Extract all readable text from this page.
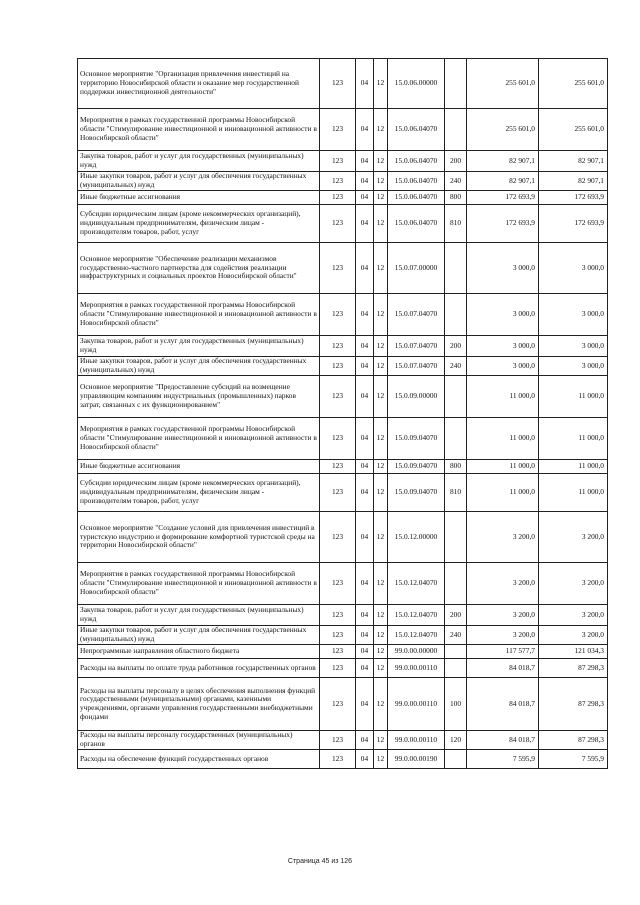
Основное мероприятие "Организация привлечения инвестиций на территорию Новосибирской области и оказание мер государственной поддержки инвестиционной деятельности"	123	04	12	15.0.06.00000		255 601,0	255 601,0
Мероприятия в рамках государственной программы Новосибирской области "Стимулирование инвестиционной и инновационной активности в Новосибирской области"	123	04	12	15.0.06.04070		255 601,0	255 601,0
Закупка товаров, работ и услуг для государственных (муниципальных) нужд	123	04	12	15.0.06.04070	200	82 907,1	82 907,1
Иные закупки товаров, работ и услуг для обеспечения государственных (муниципальных) нужд	123	04	12	15.0.06.04070	240	82 907,1	82 907,1
Иные бюджетные ассигнования	123	04	12	15.0.06.04070	800	172 693,9	172 693,9
Субсидии юридическим лицам (кроме некоммерческих организаций), индивидуальным предпринимателям, физическим лицам - производителям товаров, работ, услуг	123	04	12	15.0.06.04070	810	172 693,9	172 693,9
Основное мероприятие "Обеспечение реализации механизмов государственно-частного партнерства для содействия реализации инфраструктурных и социальных проектов Новосибирской области"	123	04	12	15.0.07.00000		3 000,0	3 000,0
Мероприятия в рамках государственной программы Новосибирской области "Стимулирование инвестиционной и инновационной активности в Новосибирской области"	123	04	12	15.0.07.04070		3 000,0	3 000,0
Закупка товаров, работ и услуг для государственных (муниципальных) нужд	123	04	12	15.0.07.04070	200	3 000,0	3 000,0
Иные закупки товаров, работ и услуг для обеспечения государственных (муниципальных) нужд	123	04	12	15.0.07.04070	240	3 000,0	3 000,0
Основное мероприятие "Предоставление субсидий на возмещение управляющим компаниям индустриальных (промышленных) парков затрат, связанных с их функционированием"	123	04	12	15.0.09.00000		11 000,0	11 000,0
Мероприятия в рамках государственной программы Новосибирской области "Стимулирование инвестиционной и инновационной активности в Новосибирской области"	123	04	12	15.0.09.04070		11 000,0	11 000,0
Иные бюджетные ассигнования	123	04	12	15.0.09.04070	800	11 000,0	11 000,0
Субсидии юридическим лицам (кроме некоммерческих организаций), индивидуальным предпринимателям, физическим лицам - производителям товаров, работ, услуг	123	04	12	15.0.09.04070	810	11 000,0	11 000,0
Основное мероприятие "Создание условий для привлечения инвестиций в туристскую индустрию и формирование комфортной туристской среды на территории Новосибирской области"	123	04	12	15.0.12.00000		3 200,0	3 200,0
Мероприятия в рамках государственной программы Новосибирской области "Стимулирование инвестиционной и инновационной активности в Новосибирской области"	123	04	12	15.0.12.04070		3 200,0	3 200,0
Закупка товаров, работ и услуг для государственных (муниципальных) нужд	123	04	12	15.0.12.04070	200	3 200,0	3 200,0
Иные закупки товаров, работ и услуг для обеспечения государственных (муниципальных) нужд	123	04	12	15.0.12.04070	240	3 200,0	3 200,0
Непрограммные направления областного бюджета	123	04	12	99.0.00.00000		117 577,7	121 034,3
Расходы на выплаты по оплате труда работников государственных органов	123	04	12	99.0.00.00110		84 018,7	87 298,3
Расходы на выплаты персоналу в целях обеспечения выполнения функций государственными (муниципальными) органами, казенными учреждениями, органами управления государственными внебюджетными фондами	123	04	12	99.0.00.00110	100	84 018,7	87 298,3
Расходы на выплаты персоналу государственных (муниципальных) органов	123	04	12	99.0.00.00110	120	84 018,7	87 298,3
Расходы на обеспечение функций государственных органов	123	04	12	99.0.00.00190		7 595,9	7 595,9
Страница 45 из 126
